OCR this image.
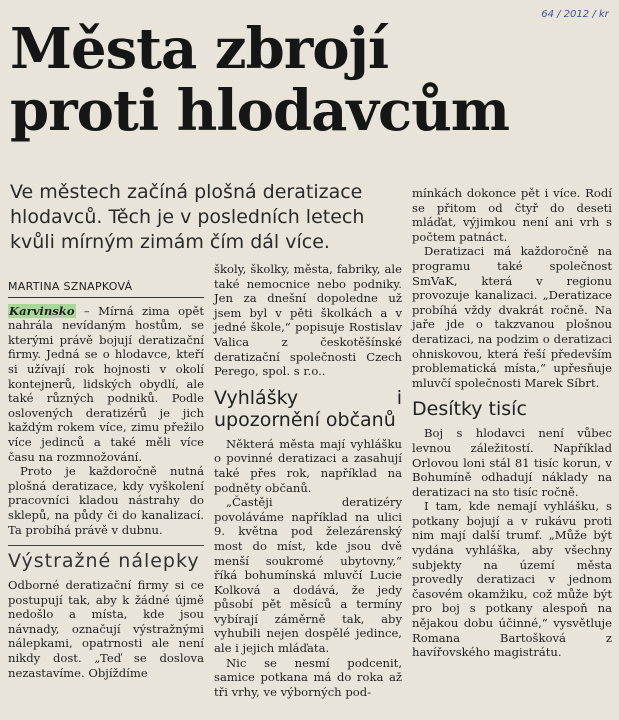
64 / 2012 / kr
Města zbrojí
proti hlodavcům
Ve městech začíná plošná deratizace hlodavců. Těch je v posledních letech kvůli mírným zimám čím dál více.
MARTINA SZNAPKOVÁ

Karvinsko – Mírná zima opět nahrála nevídaným hostům, se kterými právě bojují deratizační firmy. Jedná se o hlodavce, kteří si užívají rok hojnosti v okolí kontejnerů, lidských obydlí, ale také různých podniků. Podle oslovených deratizérů je jich každým rokem více, zimu přežilo více jedinců a také měli více času na rozmnožování.

Proto je každoročně nutná plošná deratizace, kdy vyškolení pracovníci kladou nástrahy do sklepů, na půdy či do kanalizací. Ta probíhá právě v dubnu.

Výstražné nálepky

Odborné deratizační firmy si ce postupují tak, aby k žádné újmě nedošlo a místa, kde jsou návnady, označují výstražnými nálepkami, opatrnosti ale není nikdy dost. „Teď se doslova nezastavíme. Objíždíme

školy, školky, města, fabriky, ale také nemocnice nebo podniky. Jen za dnešní dopoledne už jsem byl v pěti školkách a v jedné škole,“ popisuje Rostislav Valica z českotěšínské deratizační společnosti Czech Perego, spol. s r.o..

Vyhlášky i upozornění občanů

Některá města mají vyhlášku o povinné deratizaci a zasahují také přes rok, například na podněty občanů.

„Častěji deratizéry povoláváme například na ulici 9. května pod železárenský most do míst, kde jsou dvě menší soukromé ubytovny,“ říká bohumínská mluvčí Lucie Kolková a dodává, že jedy působí pět měsíců a termíny vybírají záměrně tak, aby vyhubili nejen dospělé jedince, ale i jejich mláďata.

Nic se nesmí podcenit, samice potkana má do roka až tři vrhy, ve výborných pod-

mínkách dokonce pět i více. Rodí se přitom od čtyř do deseti mláďat, výjimkou není ani vrh s počtem patnáct.

Deratizaci má každoročně na programu také společnost SmVaK, která v regionu provozuje kanalizaci. „Deratizace probíhá vždy dvakrát ročně. Na jaře jde o takzvanou plošnou deratizaci, na podzim o deratizaci ohniskovou, která řeší především problematická místa,“ upřesňuje mluvčí společnosti Marek Síbrt.

Desítky tisíc

Boj s hlodavci není vůbec levnou záležitostí. Například Orlovou loni stál 81 tisíc korun, v Bohumíně odhadují náklady na deratizaci na sto tisíc ročně.

I tam, kde nemají vyhlášku, s potkany bojují a v rukávu proti nim mají další trumf. „Může být vydána vyhláška, aby všechny subjekty na území města provedly deratizaci v jednom časovém okamžiku, což může být pro boj s potkany alespoň na nějakou dobu účinné,“ vysvětluje Romana Bartošková z havířovského magistrátu.
